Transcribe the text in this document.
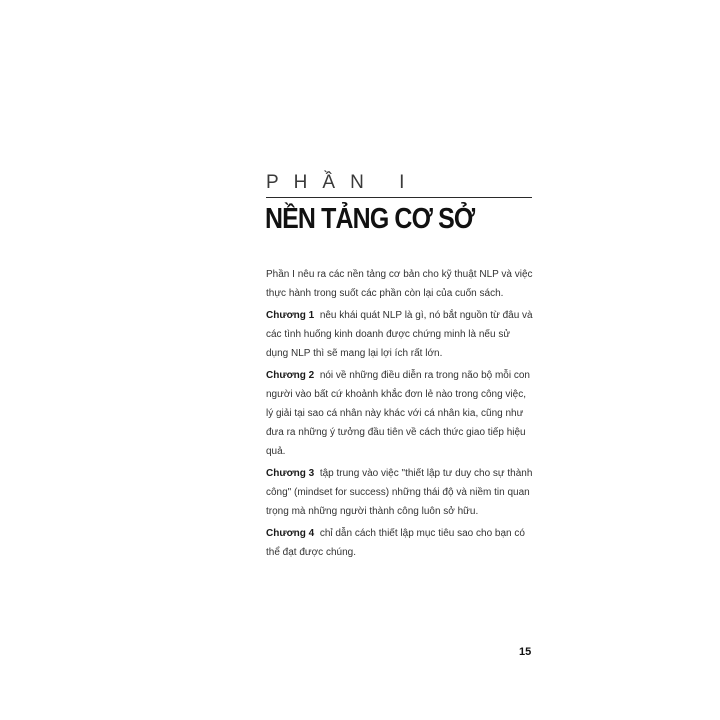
PHẦN I
NỀN TẢNG CƠ SỞ

Phần I nêu ra các nền tảng cơ bản cho kỹ thuật NLP và việc thực hành trong suốt các phần còn lại của cuốn sách.

Chương 1 nêu khái quát NLP là gì, nó bắt nguồn từ đâu và các tình huống kinh doanh được chứng minh là nếu sử dụng NLP thì sẽ mang lại lợi ích rất lớn.

Chương 2 nói về những điều diễn ra trong não bộ mỗi con người vào bất cứ khoảnh khắc đơn lẻ nào trong công việc, lý giải tại sao cá nhân này khác với cá nhân kia, cũng như đưa ra những ý tưởng đầu tiên về cách thức giao tiếp hiệu quả.

Chương 3 tập trung vào việc "thiết lập tư duy cho sự thành công" (mindset for success) những thái độ và niềm tin quan trọng mà những người thành công luôn sở hữu.

Chương 4 chỉ dẫn cách thiết lập mục tiêu sao cho bạn có thể đạt được chúng.

15
